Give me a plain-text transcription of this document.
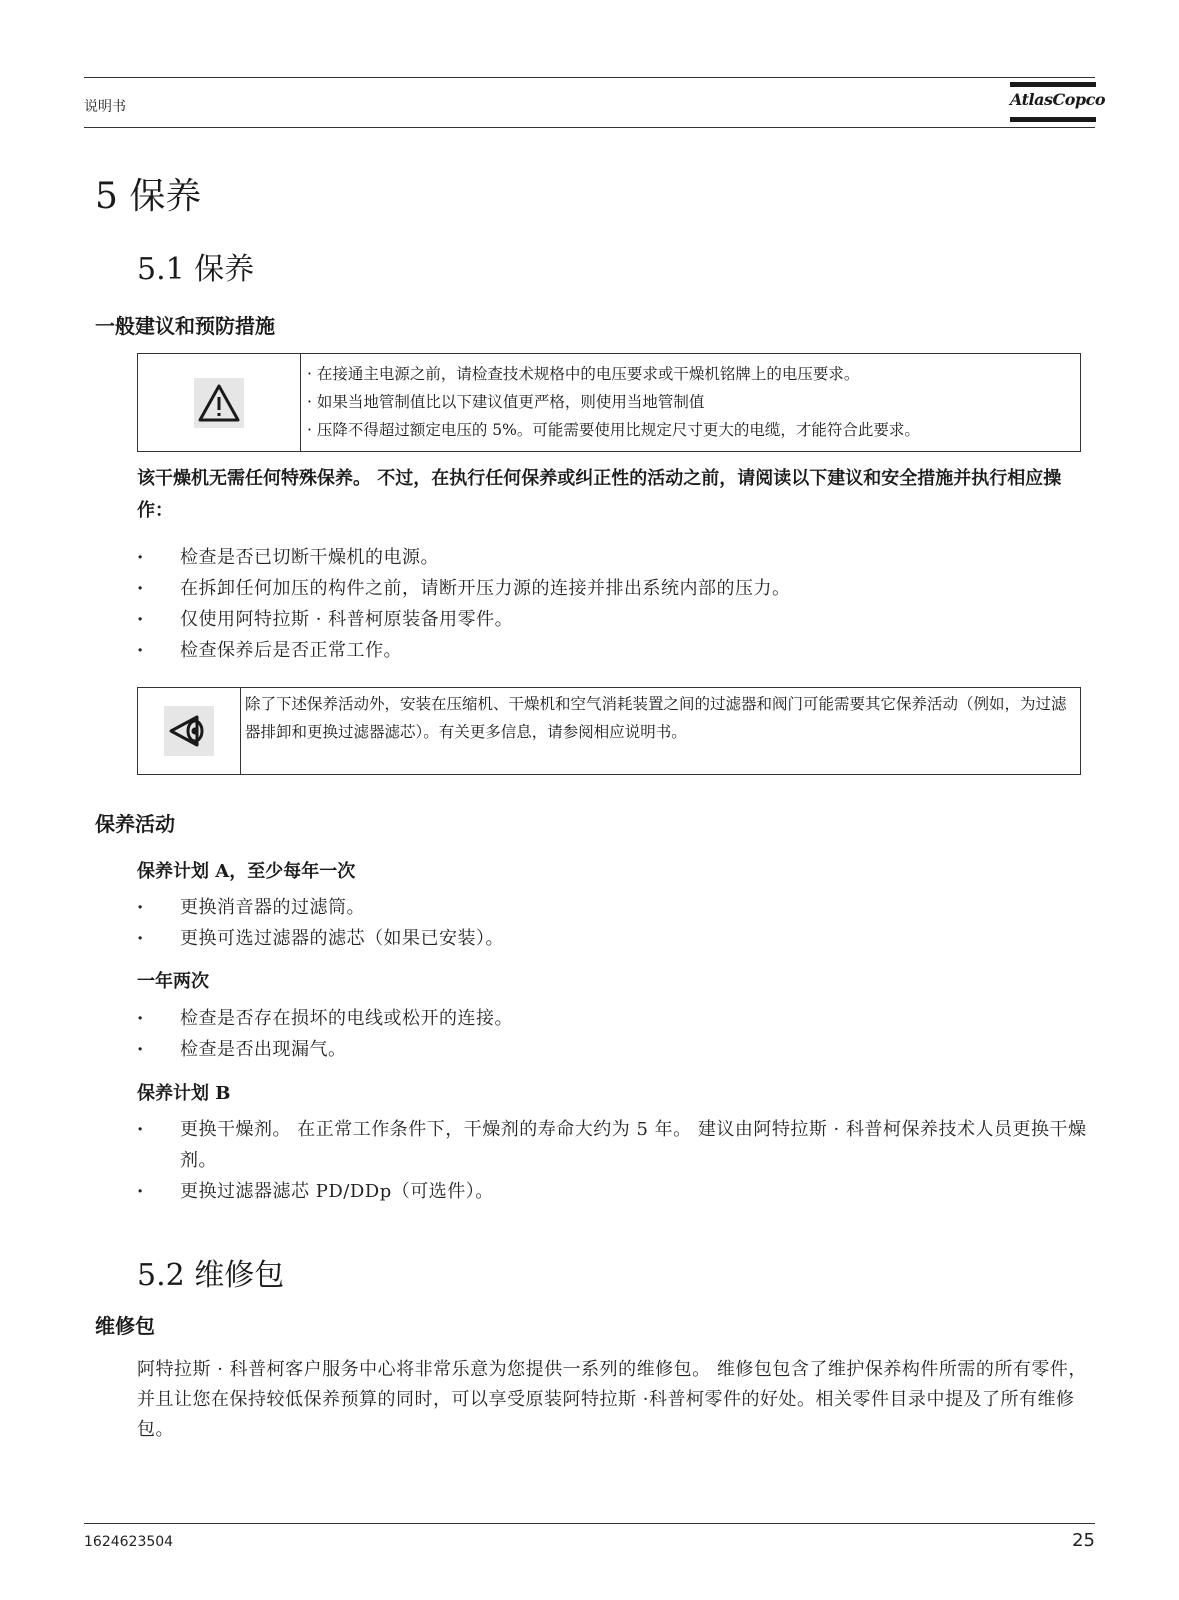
说明书	AtlasCopco
5 保养
5.1 保养
一般建议和预防措施
· 在接通主电源之前，请检查技术规格中的电压要求或干燥机铭牌上的电压要求。
· 如果当地管制值比以下建议值更严格，则使用当地管制值
· 压降不得超过额定电压的 5%。可能需要使用比规定尺寸更大的电缆，才能符合此要求。
该干燥机无需任何特殊保养。 不过，在执行任何保养或纠正性的活动之前，请阅读以下建议和安全措施并执行相应操作：
· 检查是否已切断干燥机的电源。
· 在拆卸任何加压的构件之前，请断开压力源的连接并排出系统内部的压力。
· 仅使用阿特拉斯 · 科普柯原装备用零件。
· 检查保养后是否正常工作。
除了下述保养活动外，安装在压缩机、干燥机和空气消耗装置之间的过滤器和阀门可能需要其它保养活动（例如，为过滤器排卸和更换过滤器滤芯）。有关更多信息，请参阅相应说明书。
保养活动
保养计划 A，至少每年一次
· 更换消音器的过滤筒。
· 更换可选过滤器的滤芯（如果已安装）。
一年两次
· 检查是否存在损坏的电线或松开的连接。
· 检查是否出现漏气。
保养计划 B
· 更换干燥剂。 在正常工作条件下，干燥剂的寿命大约为 5 年。 建议由阿特拉斯 · 科普柯保养技术人员更换干燥剂。
· 更换过滤器滤芯 PD/DDp（可选件）。
5.2 维修包
维修包
阿特拉斯 · 科普柯客户服务中心将非常乐意为您提供一系列的维修包。 维修包包含了维护保养构件所需的所有零件，并且让您在保持较低保养预算的同时，可以享受原装阿特拉斯 ·科普柯零件的好处。相关零件目录中提及了所有维修包。
1624623504	25
